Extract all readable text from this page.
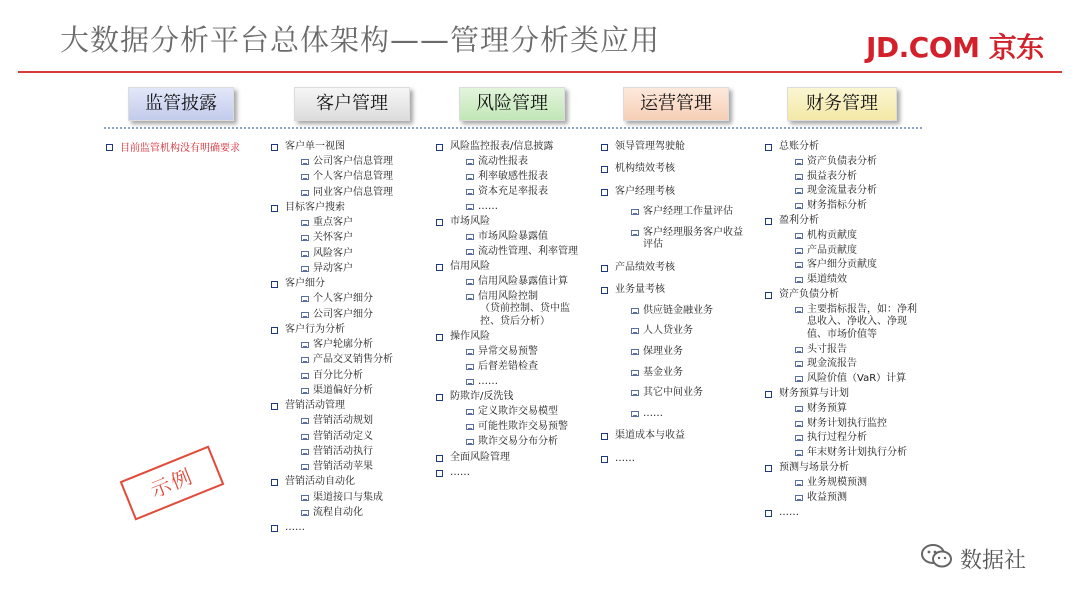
大数据分析平台总体架构——管理分析类应用	JD.COM 京东
监管披露	客户管理	风险管理	运营管理	财务管理
目前监管机构没有明确要求	客户单一视图
公司客户信息管理
个人客户信息管理
同业客户信息管理
目标客户搜索
重点客户
关怀客户
风险客户
异动客户
客户细分
个人客户细分
公司客户细分
客户行为分析
客户轮廓分析
产品交叉销售分析
百分比分析
渠道偏好分析
营销活动管理
营销活动规划
营销活动定义
营销活动执行
营销活动苹果
营销活动自动化
渠道接口与集成
流程自动化
……
风险监控报表/信息披露
流动性报表
利率敏感性报表
资本充足率报表
……
市场风险
市场风险暴露值
流动性管理、利率管理
信用风险
信用风险暴露值计算
信用风险控制
（贷前控制、贷中监控、贷后分析）
操作风险
异常交易预警
后督差错检查
……
防欺诈/反洗钱
定义欺诈交易模型
可能性欺诈交易预警
欺诈交易分布分析
全面风险管理
……
领导管理驾驶舱
机构绩效考核
客户经理考核
客户经理工作量评估
客户经理服务客户收益评估
产品绩效考核
业务量考核
供应链金融业务
人人贷业务
保理业务
基金业务
其它中间业务
……
渠道成本与收益
……
总账分析
资产负债表分析
损益表分析
现金流量表分析
财务指标分析
盈利分析
机构贡献度
产品贡献度
客户细分贡献度
渠道绩效
资产负债分析
主要指标报告，如：净利息收入、净收入、净现值、市场价值等
头寸报告
现金流报告
风险价值（VaR）计算
财务预算与计划
财务预算
财务计划执行监控
执行过程分析
年末财务计划执行分析
预测与场景分析
业务规模预测
收益预测
……
示例
数据社
